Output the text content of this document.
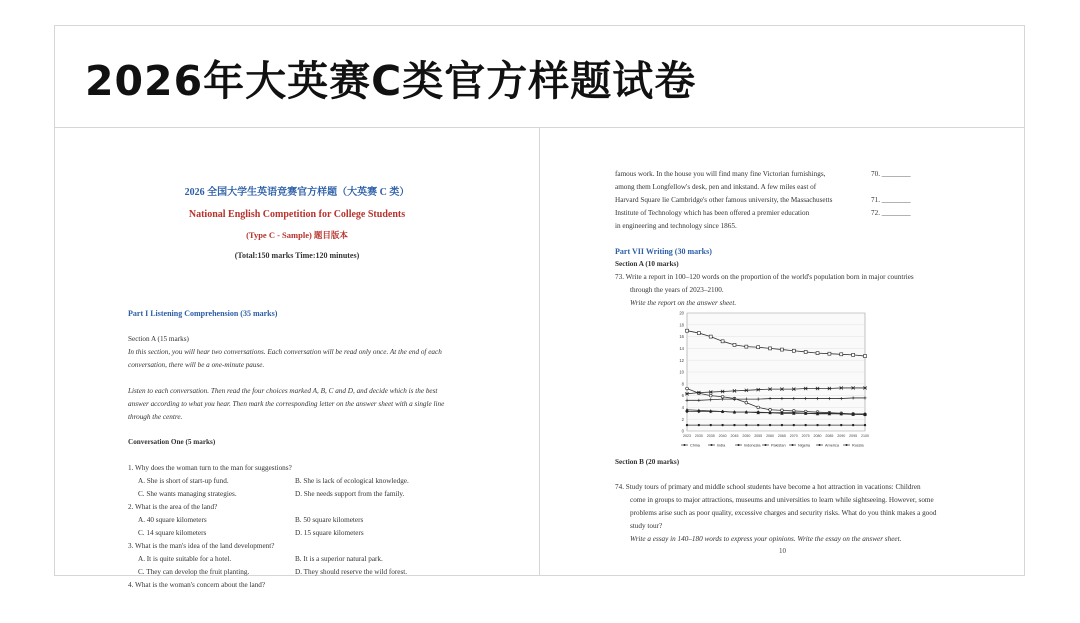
2026年大英赛C类官方样题试卷
2026 全国大学生英语竞赛官方样题（大英赛 C 类）
National English Competition for College Students
(Type C - Sample) 题目版本
(Total:150 marks Time:120 minutes)
Part I Listening Comprehension (35 marks)
Section A (15 marks)
In this section, you will hear two conversations. Each conversation will be read only once. At the end of each
conversation, there will be a one-minute pause.
Listen to each conversation. Then read the four choices marked A, B, C and D, and decide which is the best
answer according to what you hear. Then mark the corresponding letter on the answer sheet with a single line
through the centre.
Conversation One (5 marks)
1. Why does the woman turn to the man for suggestions?
A. She is short of start-up fund.	B. She is lack of ecological knowledge.
C. She wants managing strategies.	D. She needs support from the family.
2. What is the area of the land?
A. 40 square kilometers	B. 50 square kilometers
C. 14 square kilometers	D. 15 square kilometers
3. What is the man's idea of the land development?
A. It is quite suitable for a hotel.	B. It is a superior natural park.
C. They can develop the fruit planting.	D. They should reserve the wild forest.
4. What is the woman's concern about the land?
famous work. In the house you will find many fine Victorian furnishings,	70. ________
among them Longfellow's desk, pen and inkstand. A few miles east of
Harvard Square lie Cambridge's other famous university, the Massachusetts	71. ________
Institute of Technology which has been offered a premier education	72. ________
in engineering and technology since 1865.
Part VII Writing (30 marks)
Section A (10 marks)
73. Write a report in 100–120 words on the proportion of the world's population born in major countries
through the years of 2023–2100.
Write the report on the answer sheet.
0
2
4
6
8
10
12
14
16
18
20
2023 2030 2035 2040 2045 2050 2055 2060 2065 2070 2075 2080 2085 2090 2095 2100
China	India	Indonesia	Pakistan	Nigeria	America	Russia
Section B (20 marks)
74. Study tours of primary and middle school students have become a hot attraction in vacations: Children
come in groups to major attractions, museums and universities to learn while sightseeing. However, some
problems arise such as poor quality, excessive charges and security risks. What do you think makes a good
study tour?
Write a essay in 140–180 words to express your opinions. Write the essay on the answer sheet.
10
